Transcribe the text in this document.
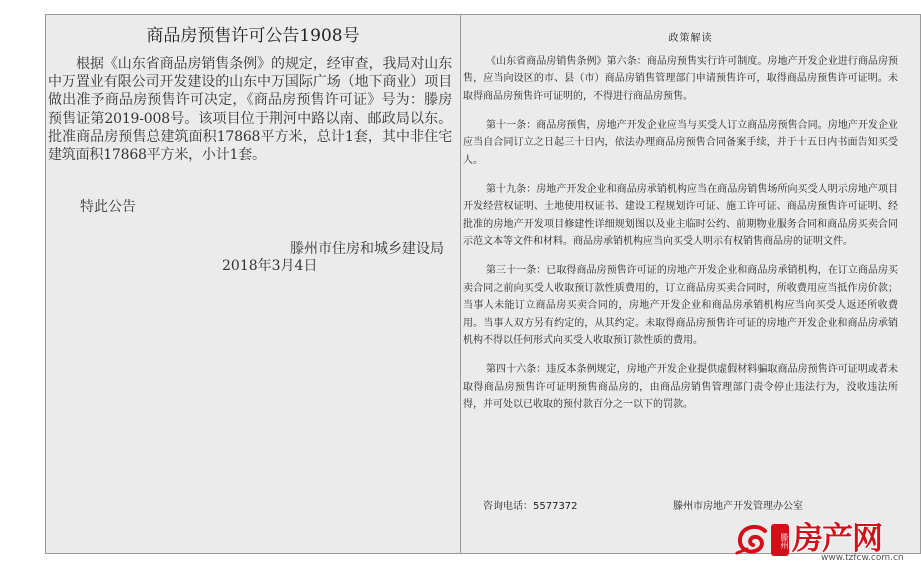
商品房预售许可公告1908号

根据《山东省商品房销售条例》的规定，经审查，我局对山东中万置业有限公司开发建设的山东中万国际广场（地下商业）项目做出准予商品房预售许可决定，《商品房预售许可证》号为：滕房预售证第2019-008号。该项目位于荆河中路以南、邮政局以东。批准商品房预售总建筑面积17868平方米，总计1套，其中非住宅建筑面积17868平方米，小计1套。

特此公告
滕州市住房和城乡建设局
2018年3月4日
政策解读

《山东省商品房销售条例》第六条：商品房预售实行许可制度。房地产开发企业进行商品房预售，应当向设区的市、县（市）商品房销售管理部门申请预售许可，取得商品房预售许可证明。未取得商品房预售许可证明的，不得进行商品房预售。

第十一条：商品房预售，房地产开发企业应当与买受人订立商品房预售合同。房地产开发企业应当自合同订立之日起三十日内，依法办理商品房预售合同备案手续，并于十五日内书面告知买受人。

第十九条：房地产开发企业和商品房承销机构应当在商品房销售场所向买受人明示房地产项目开发经营权证明、土地使用权证书、建设工程规划许可证、施工许可证、商品房预售许可证明、经批准的房地产开发项目修建性详细规划图以及业主临时公约、前期物业服务合同和商品房买卖合同示范文本等文件和材料。商品房承销机构应当向买受人明示有权销售商品房的证明文件。

第三十一条：已取得商品房预售许可证的房地产开发企业和商品房承销机构，在订立商品房买卖合同之前向买受人收取预订款性质费用的，订立商品房买卖合同时，所收费用应当抵作房价款；当事人未能订立商品房买卖合同的，房地产开发企业和商品房承销机构应当向买受人返还所收费用。当事人双方另有约定的，从其约定。未取得商品房预售许可证的房地产开发企业和商品房承销机构不得以任何形式向买受人收取预订款性质的费用。

第四十六条：违反本条例规定，房地产开发企业提供虚假材料骗取商品房预售许可证明或者未取得商品房预售许可证明预售商品房的，由商品房销售管理部门责令停止违法行为，没收违法所得，并可处以已收取的预付款百分之一以下的罚款。

咨询电话：5577372	滕州市房地产开发管理办公室
滕州 房产网
www.tzfcw.com.cn
